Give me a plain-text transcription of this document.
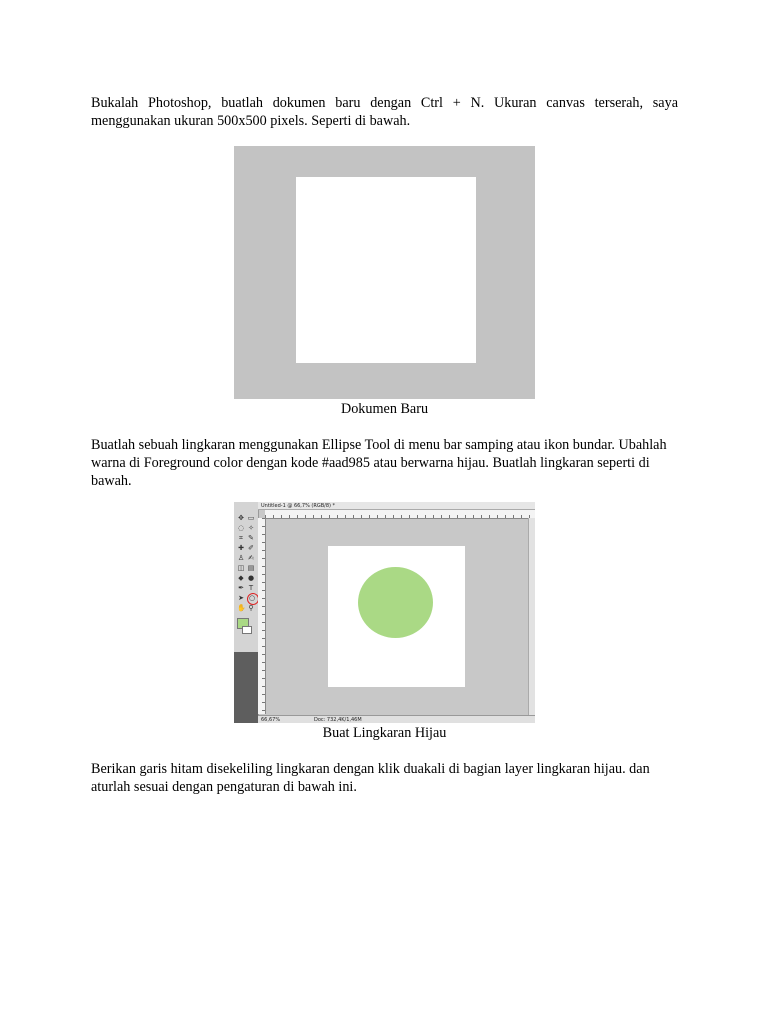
Bukalah Photoshop, buatlah dokumen baru dengan Ctrl + N. Ukuran canvas terserah, saya menggunakan ukuran 500x500 pixels. Seperti di bawah.

Dokumen Baru

Buatlah sebuah lingkaran menggunakan Ellipse Tool di menu bar samping atau ikon bundar. Ubahlah warna di Foreground color dengan kode #aad985 atau berwarna hijau. Buatlah lingkaran seperti di bawah.

✥ ▭
◌ ✧
⌗ ✎
✚ ✐
♙ ✍
◫ ▤
◆ ●
✒ T
➤ ○
✋ ⚲
Untitled-1 @ 66,7% (RGB/8) *
66,67%	Doc: 732,4K/1,46M

Buat Lingkaran Hijau

Berikan garis hitam disekeliling lingkaran dengan klik duakali di bagian layer lingkaran hijau. dan aturlah sesuai dengan pengaturan di bawah ini.
